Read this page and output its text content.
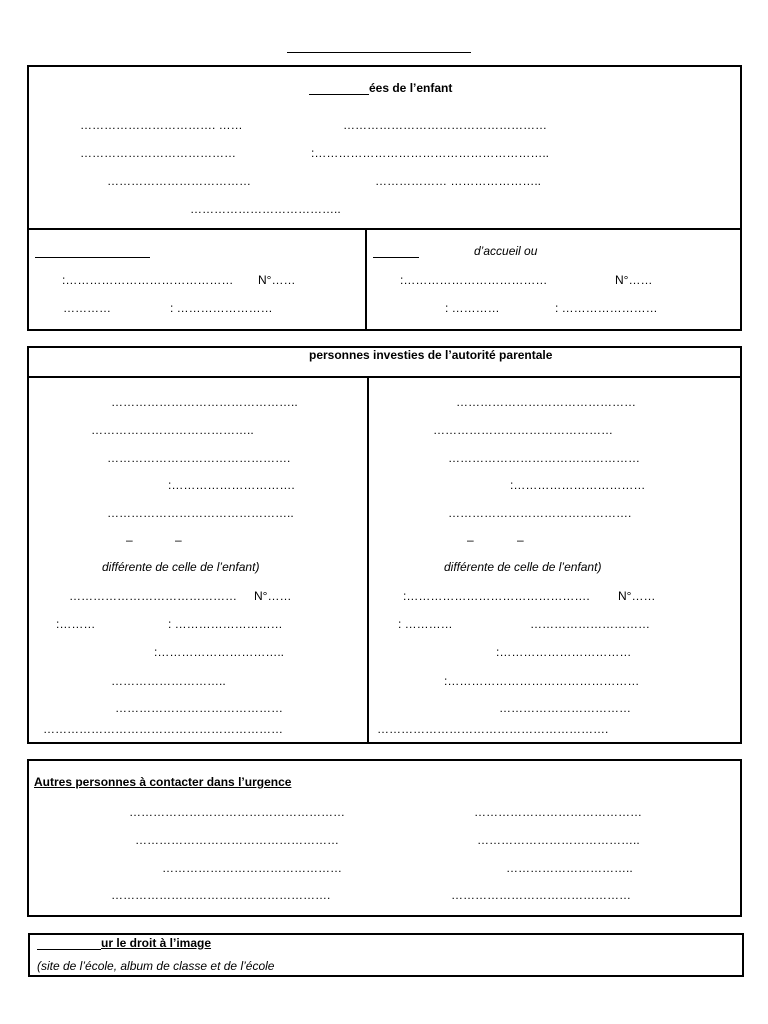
ées de l’enfant
……………………………. ……	……………………………………………
…………………………………	:…………………………………………………..
………………………………	……………… …………………..
………………………………..
:…………………………………… N°……
…………	: ……………………
d’accueil ou
:………………………………	N°……
: …………	: ……………………
personnes investies de l’autorité parentale
………………………………………..
…………………………………..
……………………………………….
:………………………….
………………………………………..
–	–
différente de celle de l’enfant)
…………………………………… N°……
:………	: ………………………
:…………………………..
………………………..
……………………………………
……………………………………………………
………………………………………
………………………………………
…………………………………………
:……………………………
……………………………………….
–	–
différente de celle de l’enfant)
:………………………………………. N°……
: …………	…………………………
:……………………………
:…………………………………………
……………………………
………………………………………………….
Autres personnes à contacter dans l’urgence
………………………………………………	……………………………………
……………………………………………	…………………………………..
………………………………………	…………………………..
……………………………………………….	………………………………………
ur le droit à l’image
(site de l’école, album de classe et de l’école
